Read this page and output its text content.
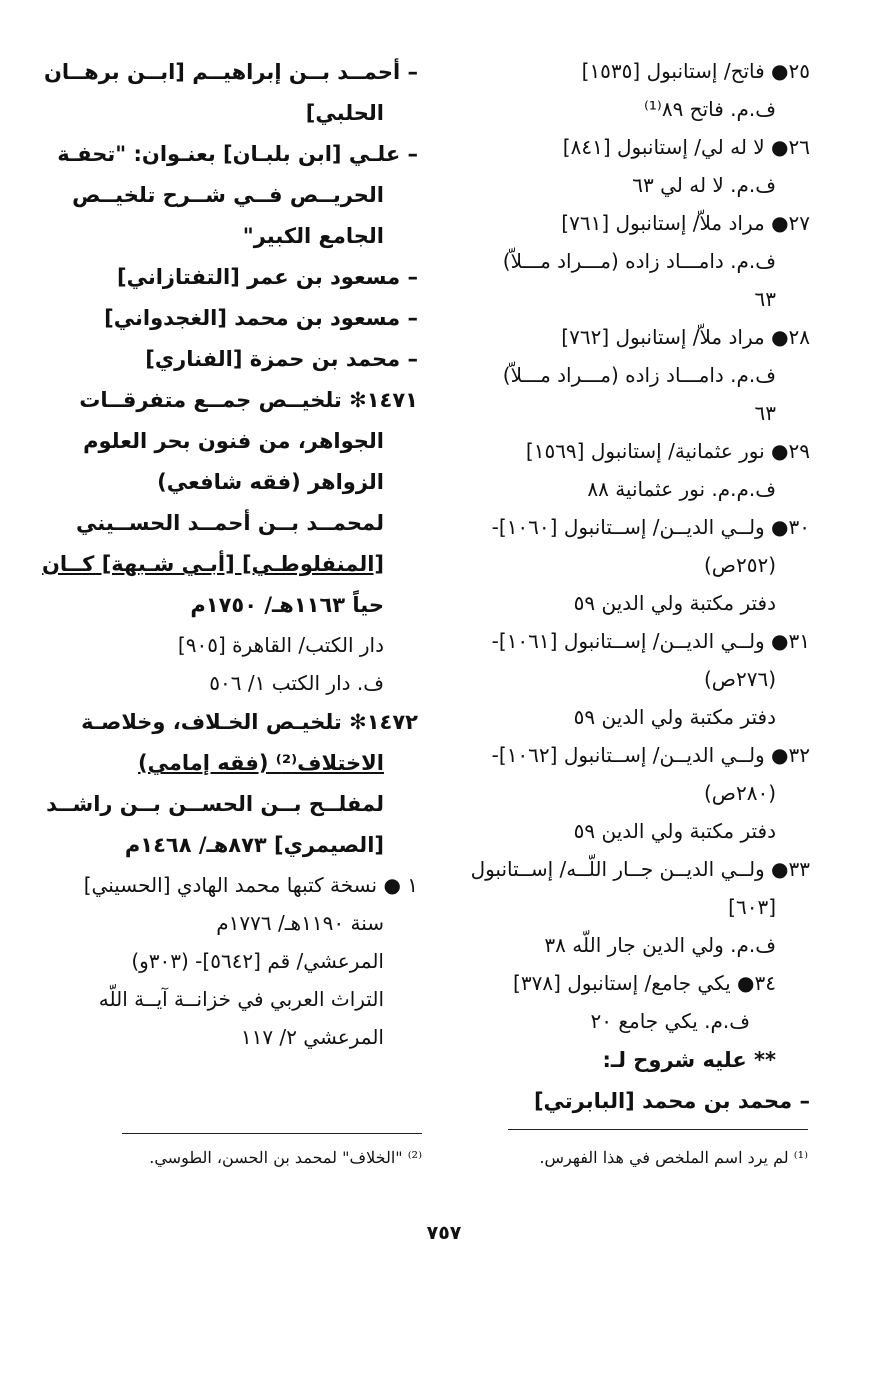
٢٥● فاتح/ إستانبول [١٥٣٥]
ف.م. فاتح ٨٩⁽¹⁾
٢٦● لا له لي/ إستانبول [٨٤١]
ف.م. لا له لي ٦٣
٢٧● مراد ملاّ/ إستانبول [٧٦١]
ف.م. دامـــاد زاده (مـــراد مـــلاّ)
٦٣
٢٨● مراد ملاّ/ إستانبول [٧٦٢]
ف.م. دامـــاد زاده (مـــراد مـــلاّ)
٦٣
٢٩● نور عثمانية/ إستانبول [١٥٦٩]
ف.م.م. نور عثمانية ٨٨
٣٠● ولــي الديــن/ إســتانبول [١٠٦٠]-
(٢٥٢ص)
دفتر مكتبة ولي الدين ٥٩
٣١● ولــي الديــن/ إســتانبول [١٠٦١]-
(٢٧٦ص)
دفتر مكتبة ولي الدين ٥٩
٣٢● ولــي الديــن/ إســتانبول [١٠٦٢]-
(٢٨٠ص)
دفتر مكتبة ولي الدين ٥٩
٣٣● ولــي الديــن جــار اللّــه/ إســتانبول
[٦٠٣]
ف.م. ولي الدين جار اللّه ٣٨
٣٤● يكي جامع/ إستانبول [٣٧٨]
ف.م. يكي جامع ٢٠
** عليه شروح لـ:
– محمد بن محمد [البابرتي]
– أحمــد بــن إبراهيــم [ابــن برهــان
الحلبي]
– علـي [ابن بلبـان] بعنـوان: "تحفـة
الحريــص فــي شــرح تلخيــص
الجامع الكبير"
– مسعود بن عمر [التفتازاني]
– مسعود بن محمد [الغجدواني]
– محمد بن حمزة [الفناري]
١٤٧١✻ تلخيــص جمــع متفرقــات
الجواهر، من فنون بحر العلوم
الزواهر (فقه شافعي)
لمحمــد بــن أحمــد الحســيني
[المنفلوطـي] [أبـي شـبهة] كــان
حياً ١١٦٣هـ/ ١٧٥٠م
دار الكتب/ القاهرة [٩٠٥]
ف. دار الكتب ١/ ٥٠٦
١٤٧٢✻ تلخيـص الخـلاف، وخلاصـة
الاختلاف⁽²⁾ (فقه إمامي)
لمفلــح بــن الحســن بــن راشــد
[الصيمري] ٨٧٣هـ/ ١٤٦٨م
١ ● نسخة كتبها محمد الهادي [الحسيني]
سنة ١١٩٠هـ/ ١٧٧٦م
المرعشي/ قم [٥٦٤٢]- (٣٠٣و)
التراث العربي في خزانــة آيــة اللّه
المرعشي ٢/ ١١٧
⁽¹⁾ لم يرد اسم الملخص في هذا الفهرس.
⁽²⁾ "الخلاف" لمحمد بن الحسن، الطوسي.
٧٥٧
